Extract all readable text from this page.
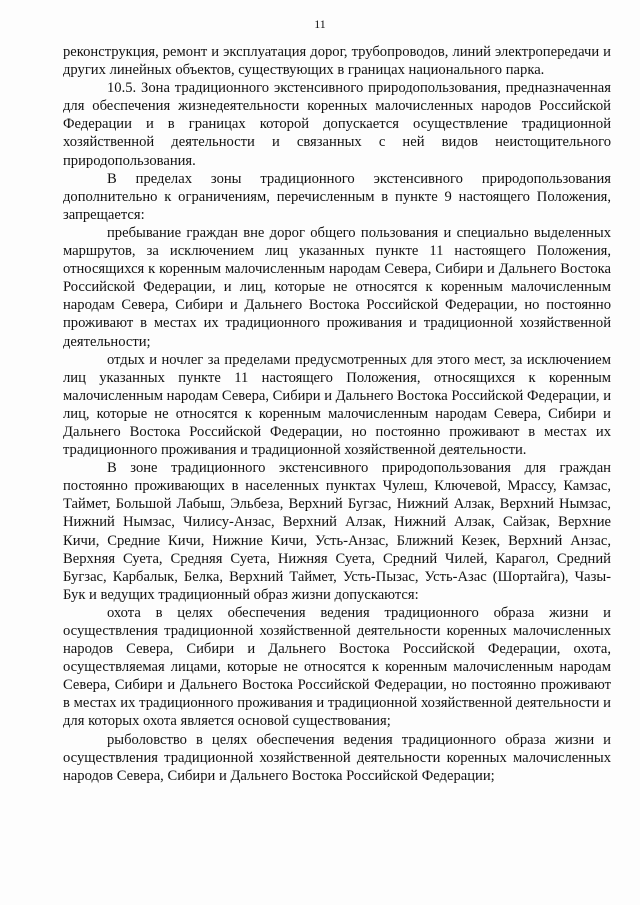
11

реконструкция, ремонт и эксплуатация дорог, трубопроводов, линий электропередачи и других линейных объектов, существующих в границах национального парка.

10.5. Зона традиционного экстенсивного природопользования, предназначенная для обеспечения жизнедеятельности коренных малочисленных народов Российской Федерации и в границах которой допускается осуществление традиционной хозяйственной деятельности и связанных с ней видов неистощительного природопользования.

В пределах зоны традиционного экстенсивного природопользования дополнительно к ограничениям, перечисленным в пункте 9 настоящего Положения, запрещается:

пребывание граждан вне дорог общего пользования и специально выделенных маршрутов, за исключением лиц указанных пункте 11 настоящего Положения, относящихся к коренным малочисленным народам Севера, Сибири и Дальнего Востока Российской Федерации, и лиц, которые не относятся к коренным малочисленным народам Севера, Сибири и Дальнего Востока Российской Федерации, но постоянно проживают в местах их традиционного проживания и традиционной хозяйственной деятельности;

отдых и ночлег за пределами предусмотренных для этого мест, за исключением лиц указанных пункте 11 настоящего Положения, относящихся к коренным малочисленным народам Севера, Сибири и Дальнего Востока Российской Федерации, и лиц, которые не относятся к коренным малочисленным народам Севера, Сибири и Дальнего Востока Российской Федерации, но постоянно проживают в местах их традиционного проживания и традиционной хозяйственной деятельности.

В зоне традиционного экстенсивного природопользования для граждан постоянно проживающих в населенных пунктах Чулеш, Ключевой, Мрассу, Камзас, Таймет, Большой Лабыш, Эльбеза, Верхний Бугзас, Нижний Алзак, Верхний Нымзас, Нижний Нымзас, Чилису-Анзас, Верхний Алзак, Нижний Алзак, Сайзак, Верхние Кичи, Средние Кичи, Нижние Кичи, Усть-Анзас, Ближний Кезек, Верхний Анзас, Верхняя Суета, Средняя Суета, Нижняя Суета, Средний Чилей, Карагол, Средний Бугзас, Карбалык, Белка, Верхний Таймет, Усть-Пызас, Усть-Азас (Шортайга), Чазы-Бук и ведущих традиционный образ жизни допускаются:

охота в целях обеспечения ведения традиционного образа жизни и осуществления традиционной хозяйственной деятельности коренных малочисленных народов Севера, Сибири и Дальнего Востока Российской Федерации, охота, осуществляемая лицами, которые не относятся к коренным малочисленным народам Севера, Сибири и Дальнего Востока Российской Федерации, но постоянно проживают в местах их традиционного проживания и традиционной хозяйственной деятельности и для которых охота является основой существования;

рыболовство в целях обеспечения ведения традиционного образа жизни и осуществления традиционной хозяйственной деятельности коренных малочисленных народов Севера, Сибири и Дальнего Востока Российской Федерации;
